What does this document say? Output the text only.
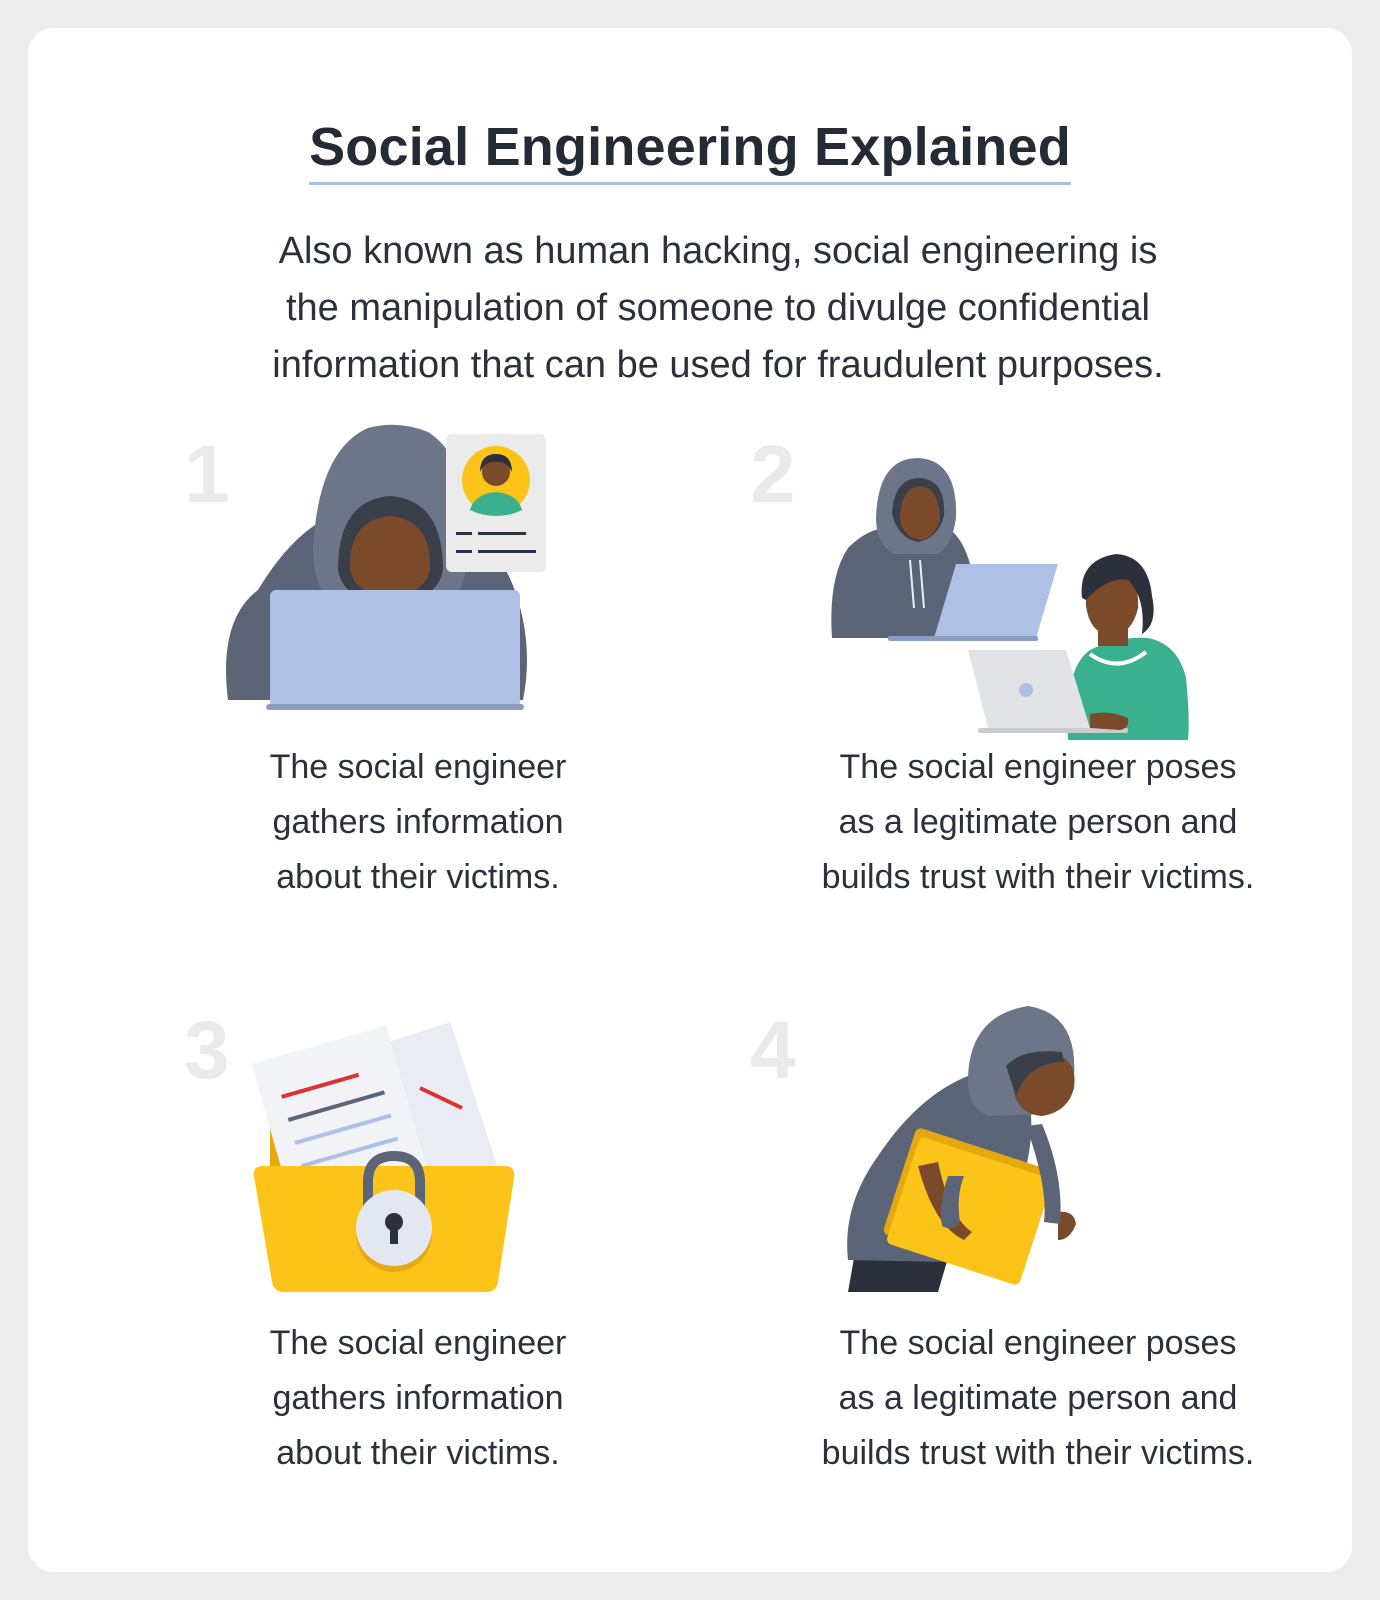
Social Engineering Explained
Also known as human hacking, social engineering is
the manipulation of someone to divulge confidential
information that can be used for fraudulent purposes.
1
The social engineer
gathers information
about their victims.
2
The social engineer poses
as a legitimate person and
builds trust with their victims.
3
The social engineer
gathers information
about their victims.
4
The social engineer poses
as a legitimate person and
builds trust with their victims.
